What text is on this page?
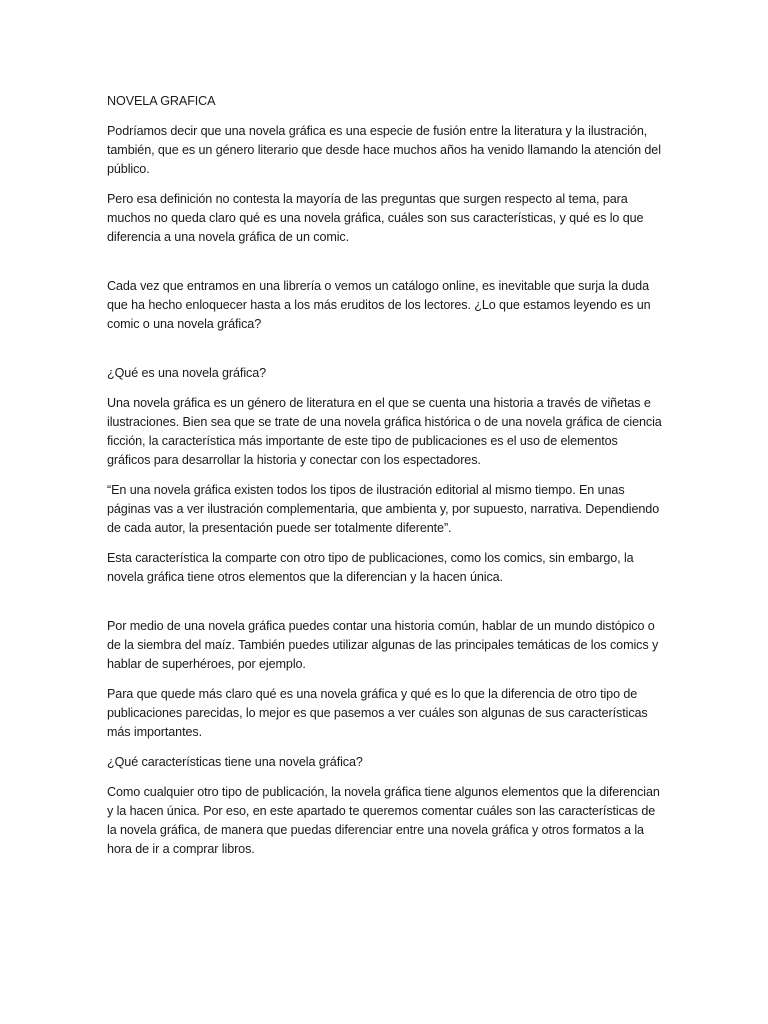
NOVELA GRAFICA

Podríamos decir que una novela gráfica es una especie de fusión entre la literatura y la ilustración, también, que es un género literario que desde hace muchos años ha venido llamando la atención del público.

Pero esa definición no contesta la mayoría de las preguntas que surgen respecto al tema, para muchos no queda claro qué es una novela gráfica, cuáles son sus características, y qué es lo que diferencia a una novela gráfica de un comic.

Cada vez que entramos en una librería o vemos un catálogo online, es inevitable que surja la duda que ha hecho enloquecer hasta a los más eruditos de los lectores. ¿Lo que estamos leyendo es un comic o una novela gráfica?

¿Qué es una novela gráfica?

Una novela gráfica es un género de literatura en el que se cuenta una historia a través de viñetas e ilustraciones. Bien sea que se trate de una novela gráfica histórica o de una novela gráfica de ciencia ficción, la característica más importante de este tipo de publicaciones es el uso de elementos gráficos para desarrollar la historia y conectar con los espectadores.

“En una novela gráfica existen todos los tipos de ilustración editorial al mismo tiempo. En unas páginas vas a ver ilustración complementaria, que ambienta y, por supuesto, narrativa. Dependiendo de cada autor, la presentación puede ser totalmente diferente”.

Esta característica la comparte con otro tipo de publicaciones, como los comics, sin embargo, la novela gráfica tiene otros elementos que la diferencian y la hacen única.

Por medio de una novela gráfica puedes contar una historia común, hablar de un mundo distópico o de la siembra del maíz. También puedes utilizar algunas de las principales temáticas de los comics y hablar de superhéroes, por ejemplo.

Para que quede más claro qué es una novela gráfica y qué es lo que la diferencia de otro tipo de publicaciones parecidas, lo mejor es que pasemos a ver cuáles son algunas de sus características más importantes.

¿Qué características tiene una novela gráfica?

Como cualquier otro tipo de publicación, la novela gráfica tiene algunos elementos que la diferencian y la hacen única. Por eso, en este apartado te queremos comentar cuáles son las características de la novela gráfica, de manera que puedas diferenciar entre una novela gráfica y otros formatos a la hora de ir a comprar libros.
